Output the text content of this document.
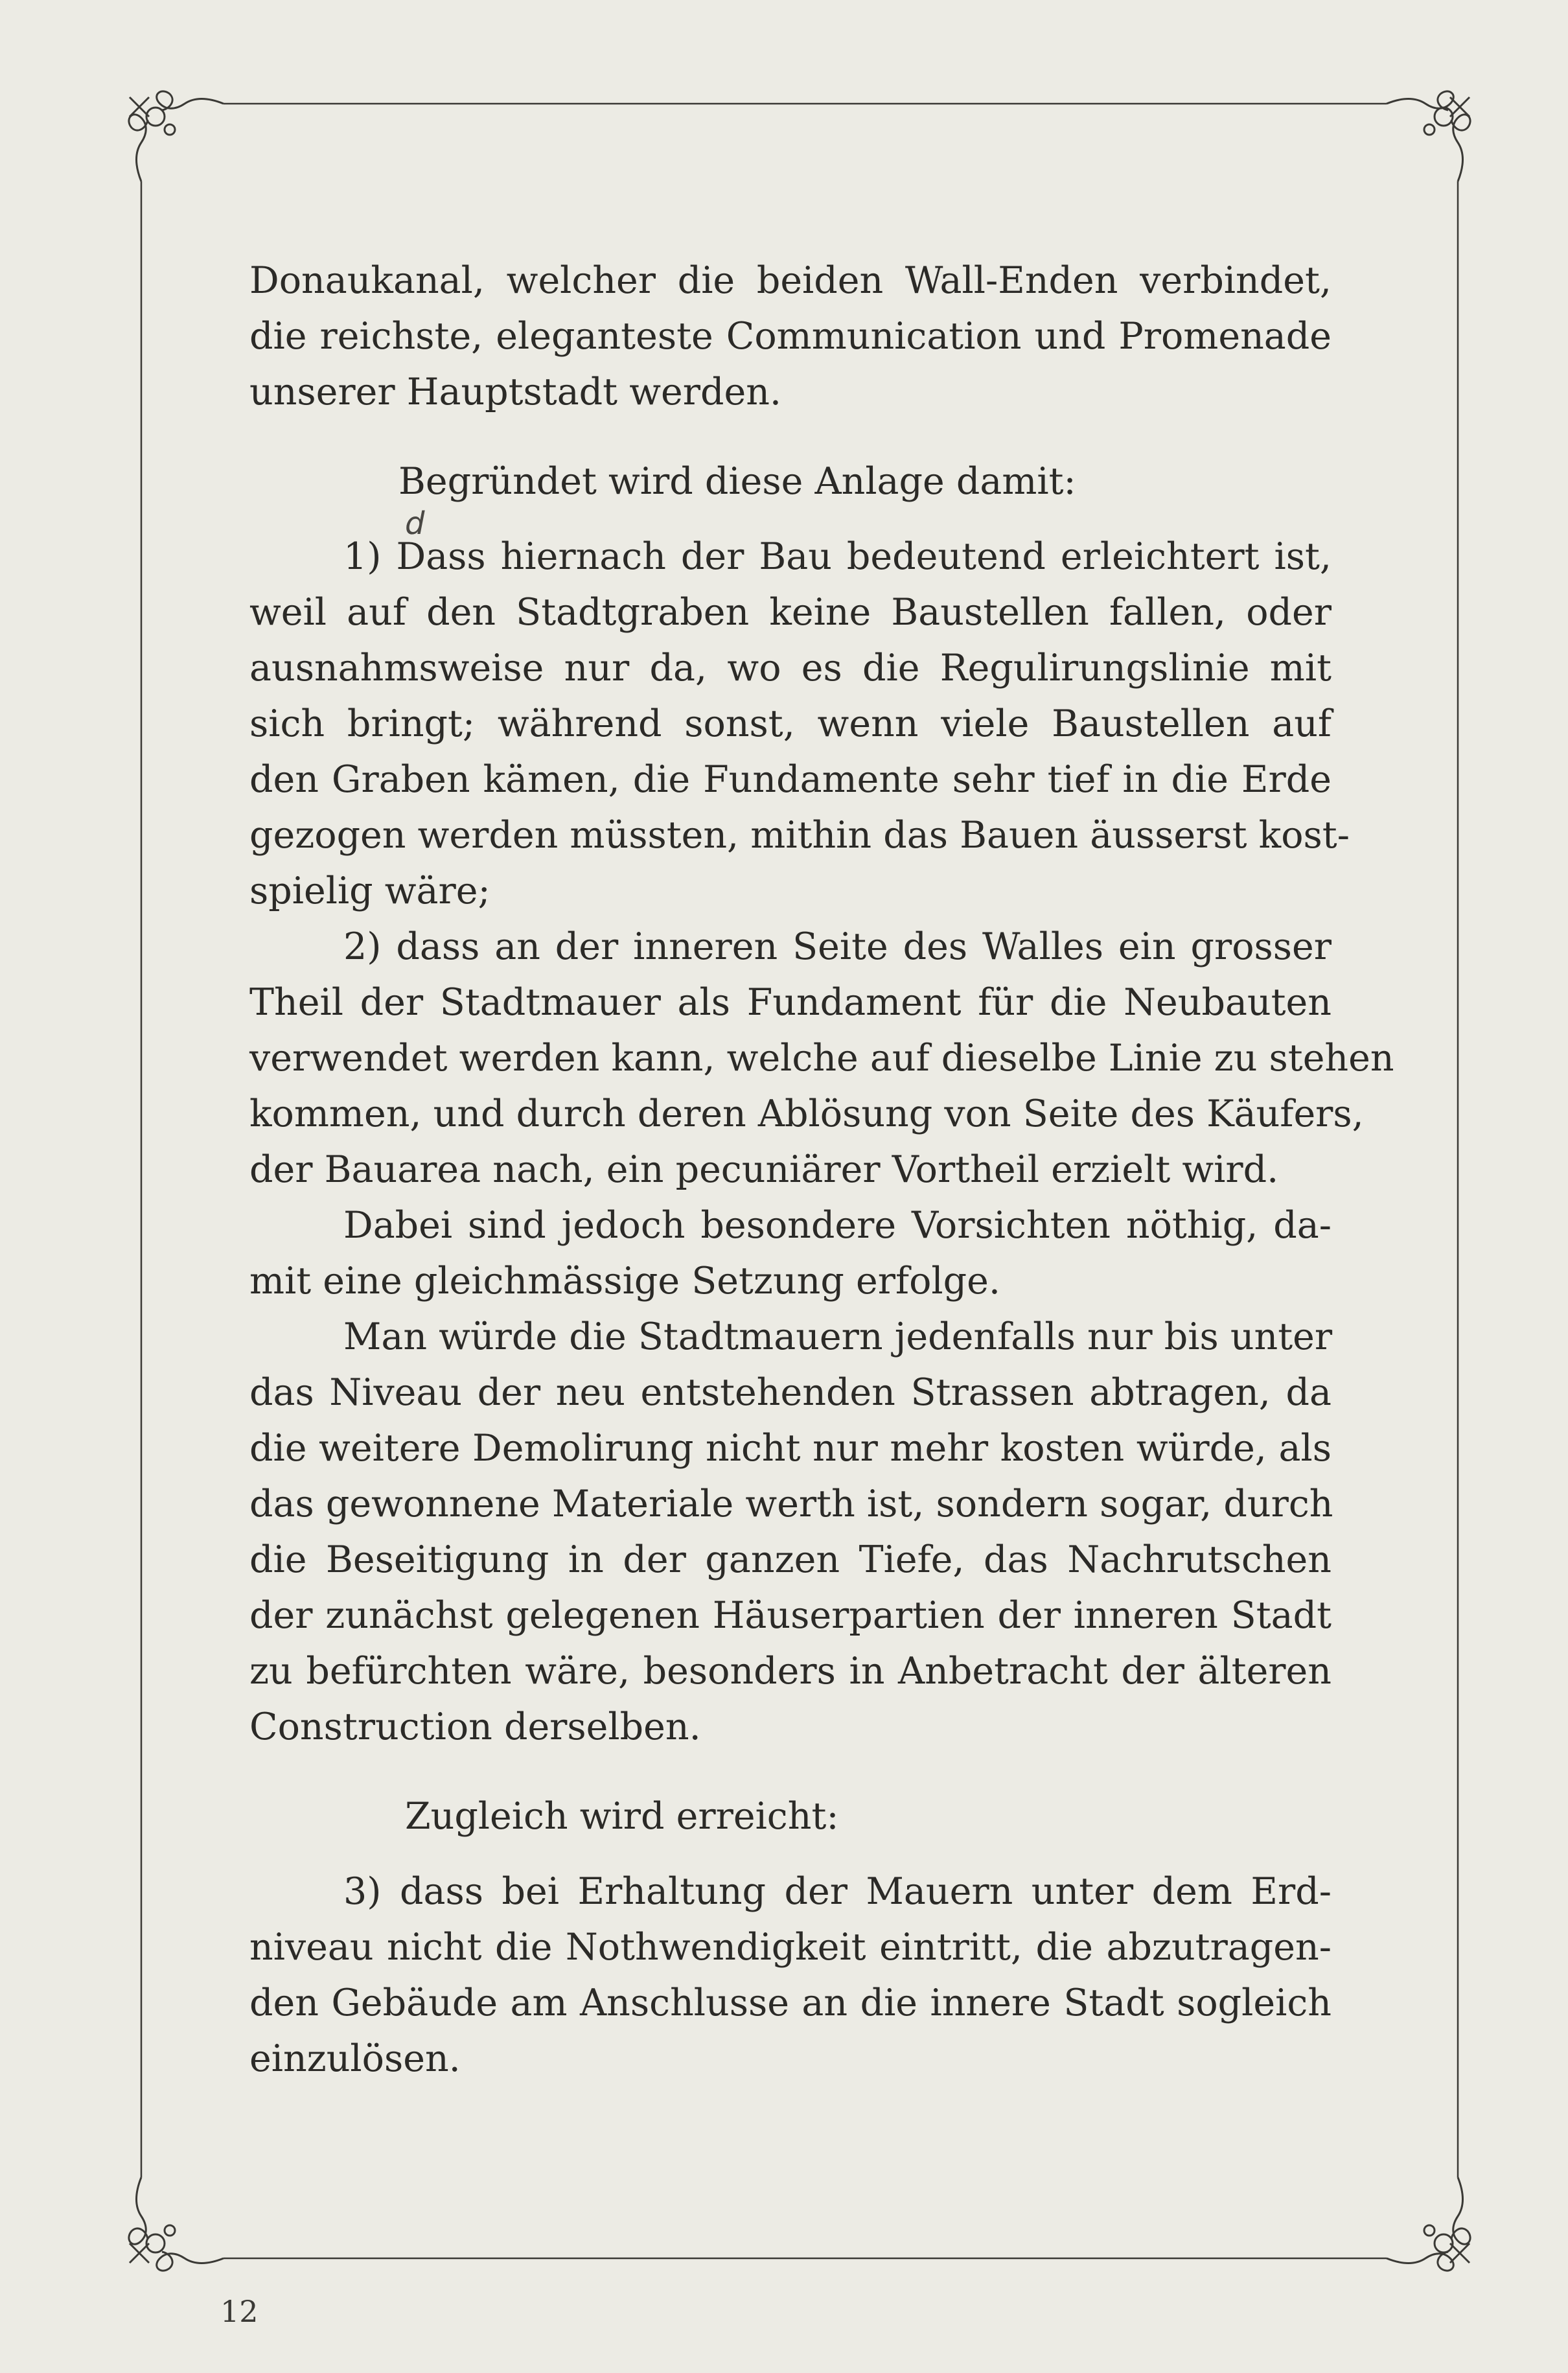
d
Donaukanal, welcher die beiden Wall-Enden verbindet,
die reichste, eleganteste Communication und Promenade
unserer Hauptstadt werden.
Begründet wird diese Anlage damit:
1) Dass hiernach der Bau bedeutend erleichtert ist,
weil auf den Stadtgraben keine Baustellen fallen, oder
ausnahmsweise nur da, wo es die Regulirungslinie mit
sich bringt; während sonst, wenn viele Baustellen auf
den Graben kämen, die Fundamente sehr tief in die Erde
gezogen werden müssten, mithin das Bauen äusserst kost-
spielig wäre;
2) dass an der inneren Seite des Walles ein grosser
Theil der Stadtmauer als Fundament für die Neubauten
verwendet werden kann, welche auf dieselbe Linie zu stehen
kommen, und durch deren Ablösung von Seite des Käufers,
der Bauarea nach, ein pecuniärer Vortheil erzielt wird.
Dabei sind jedoch besondere Vorsichten nöthig, da-
mit eine gleichmässige Setzung erfolge.
Man würde die Stadtmauern jedenfalls nur bis unter
das Niveau der neu entstehenden Strassen abtragen, da
die weitere Demolirung nicht nur mehr kosten würde, als
das gewonnene Materiale werth ist, sondern sogar, durch
die Beseitigung in der ganzen Tiefe, das Nachrutschen
der zunächst gelegenen Häuserpartien der inneren Stadt
zu befürchten wäre, besonders in Anbetracht der älteren
Construction derselben.
Zugleich wird erreicht:
3) dass bei Erhaltung der Mauern unter dem Erd-
niveau nicht die Nothwendigkeit eintritt, die abzutragen-
den Gebäude am Anschlusse an die innere Stadt sogleich
einzulösen.
12
